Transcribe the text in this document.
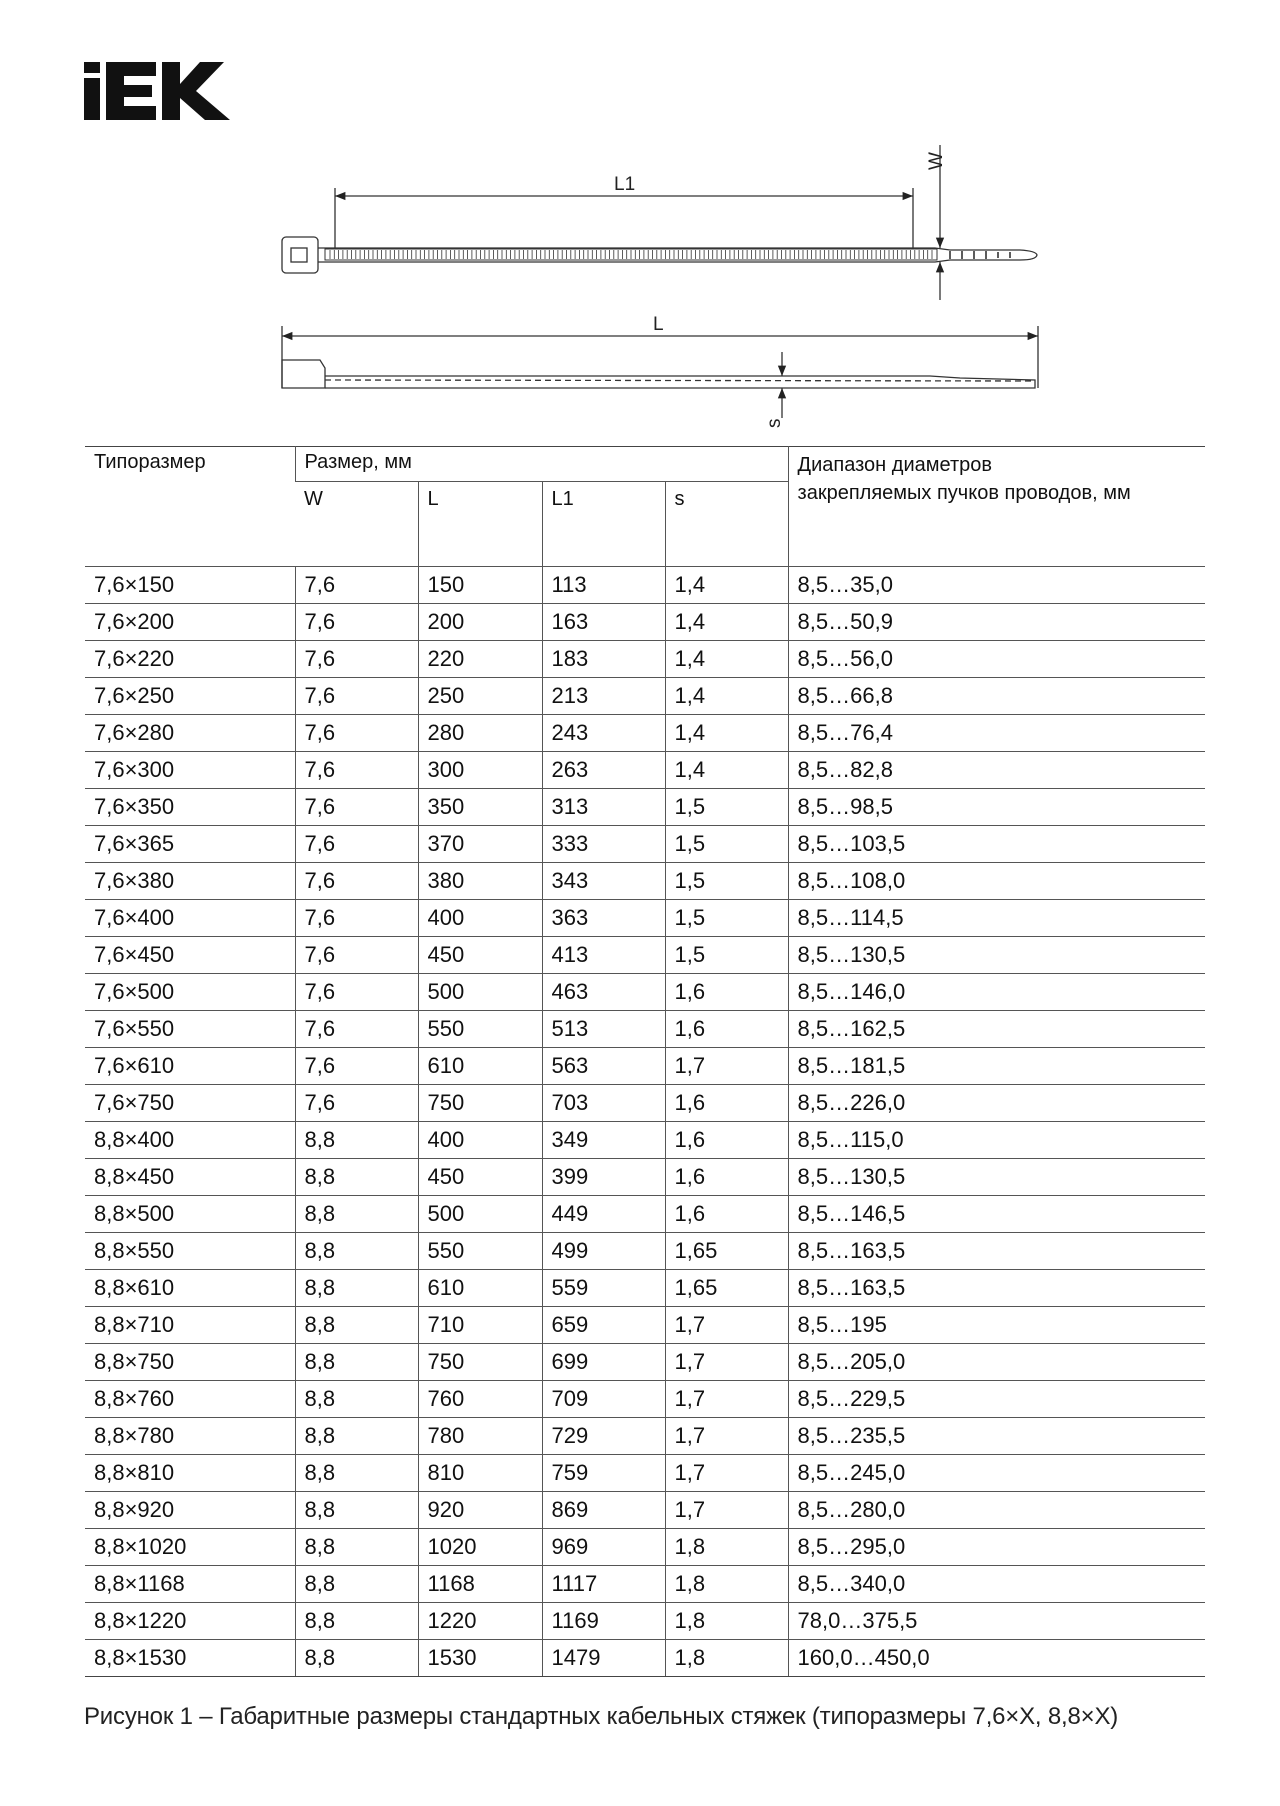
L1
W
L
s
Типоразмер	Размер, мм				Диапазон диаметров
закрепляемых пучков проводов, мм

	W	L	L1	s	
7,6×150	7,6	150	113	1,4	8,5…35,0
7,6×200	7,6	200	163	1,4	8,5…50,9
7,6×220	7,6	220	183	1,4	8,5…56,0
7,6×250	7,6	250	213	1,4	8,5…66,8
7,6×280	7,6	280	243	1,4	8,5…76,4
7,6×300	7,6	300	263	1,4	8,5…82,8
7,6×350	7,6	350	313	1,5	8,5…98,5
7,6×365	7,6	370	333	1,5	8,5…103,5
7,6×380	7,6	380	343	1,5	8,5…108,0
7,6×400	7,6	400	363	1,5	8,5…114,5
7,6×450	7,6	450	413	1,5	8,5…130,5
7,6×500	7,6	500	463	1,6	8,5…146,0
7,6×550	7,6	550	513	1,6	8,5…162,5
7,6×610	7,6	610	563	1,7	8,5…181,5
7,6×750	7,6	750	703	1,6	8,5…226,0
8,8×400	8,8	400	349	1,6	8,5…115,0
8,8×450	8,8	450	399	1,6	8,5…130,5
8,8×500	8,8	500	449	1,6	8,5…146,5
8,8×550	8,8	550	499	1,65	8,5…163,5
8,8×610	8,8	610	559	1,65	8,5…163,5
8,8×710	8,8	710	659	1,7	8,5…195
8,8×750	8,8	750	699	1,7	8,5…205,0
8,8×760	8,8	760	709	1,7	8,5…229,5
8,8×780	8,8	780	729	1,7	8,5…235,5
8,8×810	8,8	810	759	1,7	8,5…245,0
8,8×920	8,8	920	869	1,7	8,5…280,0
8,8×1020	8,8	1020	969	1,8	8,5…295,0
8,8×1168	8,8	1168	1117	1,8	8,5…340,0
8,8×1220	8,8	1220	1169	1,8	78,0…375,5
8,8×1530	8,8	1530	1479	1,8	160,0…450,0
Рисунок 1 – Габаритные размеры стандартных кабельных стяжек (типоразмеры 7,6×X, 8,8×X)
